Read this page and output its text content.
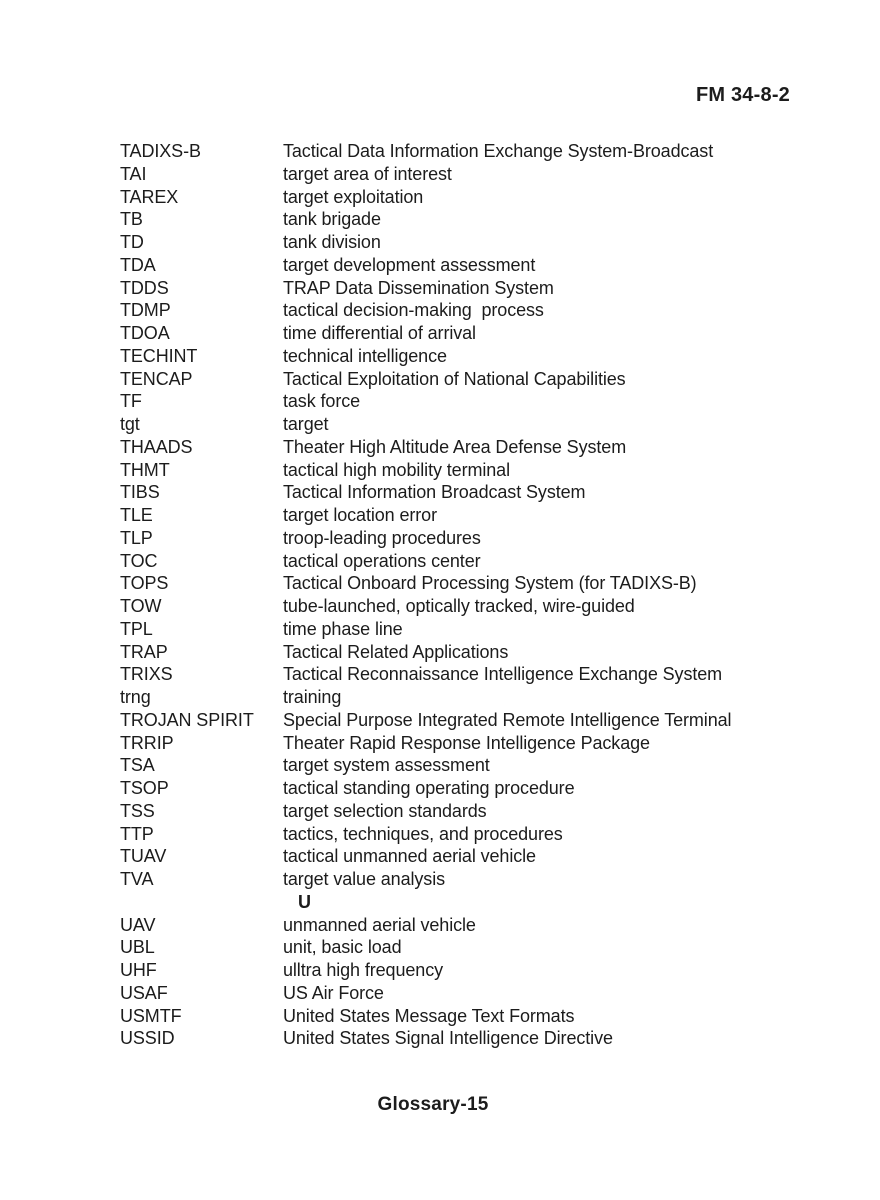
FM 34-8-2
TADIXS-B	Tactical Data Information Exchange System-Broadcast
TAI	target area of interest
TAREX	target exploitation
TB	tank brigade
TD	tank division
TDA	target development assessment
TDDS	TRAP Data Dissemination System
TDMP	tactical decision-making  process
TDOA	time differential of arrival
TECHINT	technical intelligence
TENCAP	Tactical Exploitation of National Capabilities
TF	task force
tgt	target
THAADS	Theater High Altitude Area Defense System
THMT	tactical high mobility terminal
TIBS	Tactical Information Broadcast System
TLE	target location error
TLP	troop-leading procedures
TOC	tactical operations center
TOPS	Tactical Onboard Processing System (for TADIXS-B)
TOW	tube-launched, optically tracked, wire-guided
TPL	time phase line
TRAP	Tactical Related Applications
TRIXS	Tactical Reconnaissance Intelligence Exchange System
trng	training
TROJAN SPIRIT	Special Purpose Integrated Remote Intelligence Terminal
TRRIP	Theater Rapid Response Intelligence Package
TSA	target system assessment
TSOP	tactical standing operating procedure
TSS	target selection standards
TTP	tactics, techniques, and procedures
TUAV	tactical unmanned aerial vehicle
TVA	target value analysis
U
UAV	unmanned aerial vehicle
UBL	unit, basic load
UHF	ulltra high frequency
USAF	US Air Force
USMTF	United States Message Text Formats
USSID	United States Signal Intelligence Directive
Glossary-15
